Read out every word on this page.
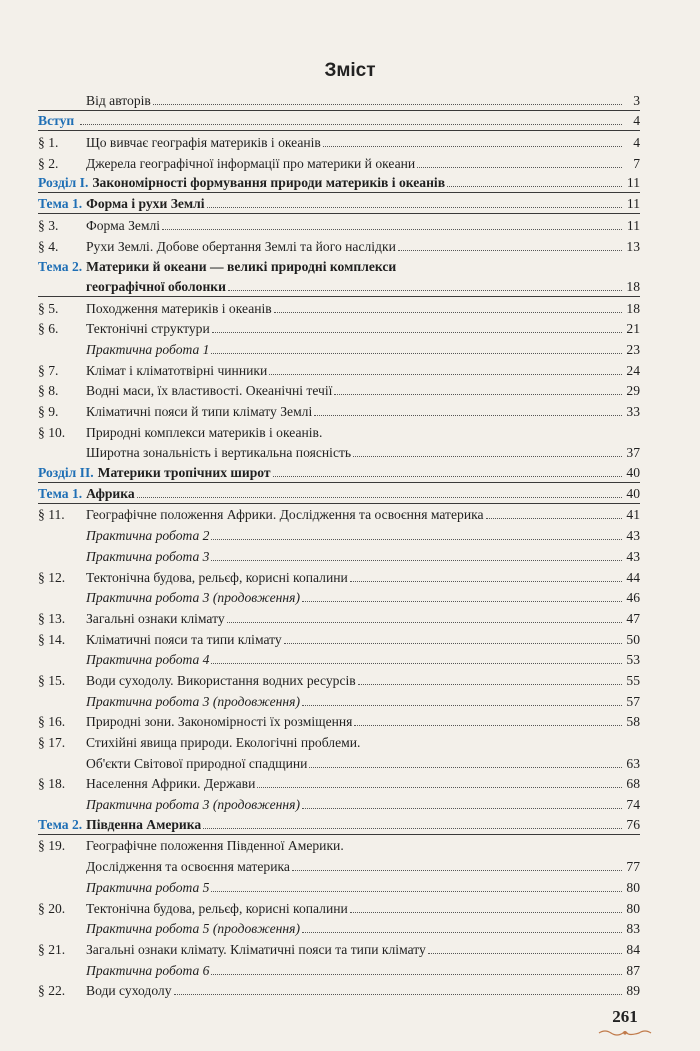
Зміст
Від авторів	3
Вступ	4
§ 1.	Що вивчає географія материків і океанів	4
§ 2.	Джерела географічної інформації про материки й океани	7
Розділ І. Закономірності формування природи материків і океанів	11
Тема 1. Форма і рухи Землі	11
§ 3.	Форма Землі	11
§ 4.	Рухи Землі. Добове обертання Землі та його наслідки	13
Тема 2. Материки й океани — великі природні комплекси
географічної оболонки	18
§ 5.	Походження материків і океанів	18
§ 6.	Тектонічні структури	21
Практична робота 1	23
§ 7.	Клімат і кліматотвірні чинники	24
§ 8.	Водні маси, їх властивості. Океанічні течії	29
§ 9.	Кліматичні пояси й типи клімату Землі	33
§ 10.	Природні комплекси материків і океанів.
Широтна зональність і вертикальна поясність	37
Розділ ІІ. Материки тропічних широт	40
Тема 1. Африка	40
§ 11.	Географічне положення Африки. Дослідження та освоєння материка	41
Практична робота 2	43
Практична робота 3	43
§ 12.	Тектонічна будова, рельєф, корисні копалини	44
Практична робота 3 (продовження)	46
§ 13.	Загальні ознаки клімату	47
§ 14.	Кліматичні пояси та типи клімату	50
Практична робота 4	53
§ 15.	Води суходолу. Використання водних ресурсів	55
Практична робота 3 (продовження)	57
§ 16.	Природні зони. Закономірності їх розміщення	58
§ 17.	Стихійні явища природи. Екологічні проблеми.
Об'єкти Світової природної спадщини	63
§ 18.	Населення Африки. Держави	68
Практична робота 3 (продовження)	74
Тема 2. Південна Америка	76
§ 19.	Географічне положення Південної Америки.
Дослідження та освоєння материка	77
Практична робота 5	80
§ 20.	Тектонічна будова, рельєф, корисні копалини	80
Практична робота 5 (продовження)	83
§ 21.	Загальні ознаки клімату. Кліматичні пояси та типи клімату	84
Практична робота 6	87
§ 22.	Води суходолу	89
261
